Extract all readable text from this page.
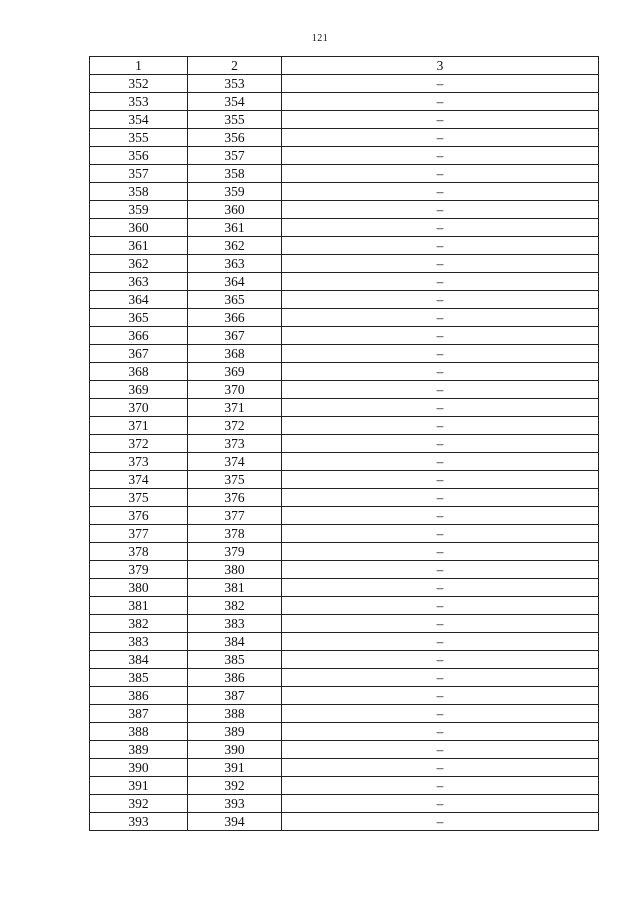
121
1	2	3
352	353	–
353	354	–
354	355	–
355	356	–
356	357	–
357	358	–
358	359	–
359	360	–
360	361	–
361	362	–
362	363	–
363	364	–
364	365	–
365	366	–
366	367	–
367	368	–
368	369	–
369	370	–
370	371	–
371	372	–
372	373	–
373	374	–
374	375	–
375	376	–
376	377	–
377	378	–
378	379	–
379	380	–
380	381	–
381	382	–
382	383	–
383	384	–
384	385	–
385	386	–
386	387	–
387	388	–
388	389	–
389	390	–
390	391	–
391	392	–
392	393	–
393	394	–
